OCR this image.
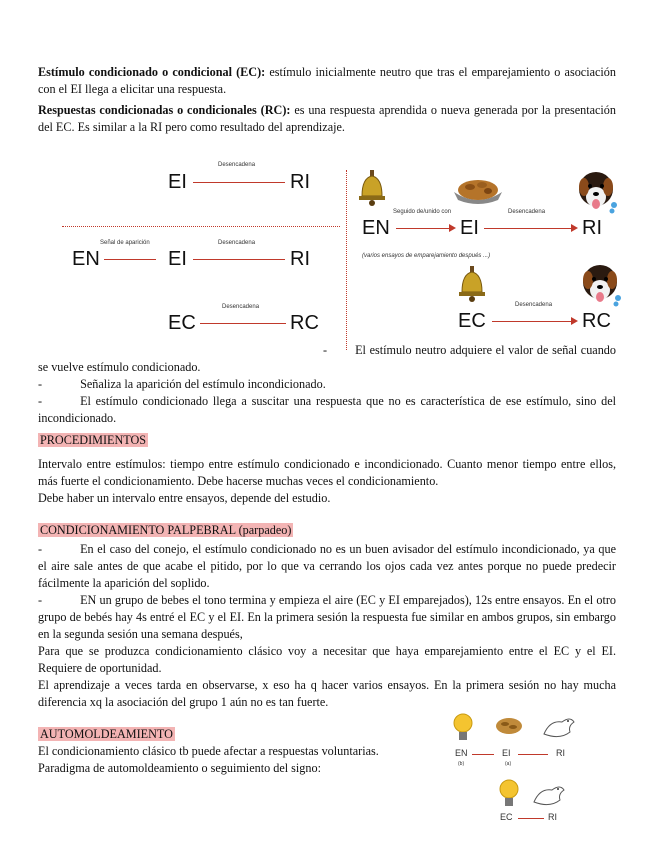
Estímulo condicionado o condicional (EC): estímulo inicialmente neutro que tras el emparejamiento o asociación con el EI llega a elicitar una respuesta.
Respuestas condicionadas o condicionales (RC): es una respuesta aprendida o nueva generada por la presentación del EC. Es similar a la RI pero como resultado del aprendizaje.
Desencadena
EI	RI
Señal de aparición	Desencadena
EN	EI	RI
Desencadena
EC	RC
Seguido de/unido con	Desencadena
EN	EI	RI
(varios ensayos de emparejamiento después ...)
Desencadena
EC	RC
- El estímulo neutro adquiere el valor de señal cuando se vuelve estímulo condicionado.
-	Señaliza la aparición del estímulo incondicionado.
-	El estímulo condicionado llega a suscitar una respuesta que no es característica de ese estímulo, sino del incondicionado.
PROCEDIMIENTOS
Intervalo entre estímulos: tiempo entre estímulo condicionado e incondicionado. Cuanto menor tiempo entre ellos, más fuerte el condicionamiento. Debe hacerse muchas veces el condicionamiento.
Debe haber un intervalo entre ensayos, depende del estudio.
CONDICIONAMIENTO PALPEBRAL (parpadeo)
-	En el caso del conejo, el estímulo condicionado no es un buen avisador del estímulo incondicionado, ya que el aire sale antes de que acabe el pitido, por lo que va cerrando los ojos cada vez antes porque no puede predecir fácilmente la aparición del soplido.
-	EN un grupo de bebes el tono termina y empieza el aire (EC y EI emparejados), 12s entre ensayos. En el otro grupo de bebés hay 4s entré el EC y el EI. En la primera sesión la respuesta fue similar en ambos grupos, sin embargo en la segunda sesión una semana después,
Para que se produzca condicionamiento clásico voy a necesitar que haya emparejamiento entre el EC y el EI. Requiere de oportunidad.
El aprendizaje a veces tarda en observarse, x eso ha q hacer varios ensayos. En la primera sesión no hay mucha diferencia xq la asociación del grupo 1 aún no es tan fuerte.
AUTOMOLDEAMIENTO
El condicionamiento clásico tb puede afectar a respuestas voluntarias.
Paradigma de automoldeamiento o seguimiento del signo:
EN	EI	RI
(b)	(a)
EC	RI
